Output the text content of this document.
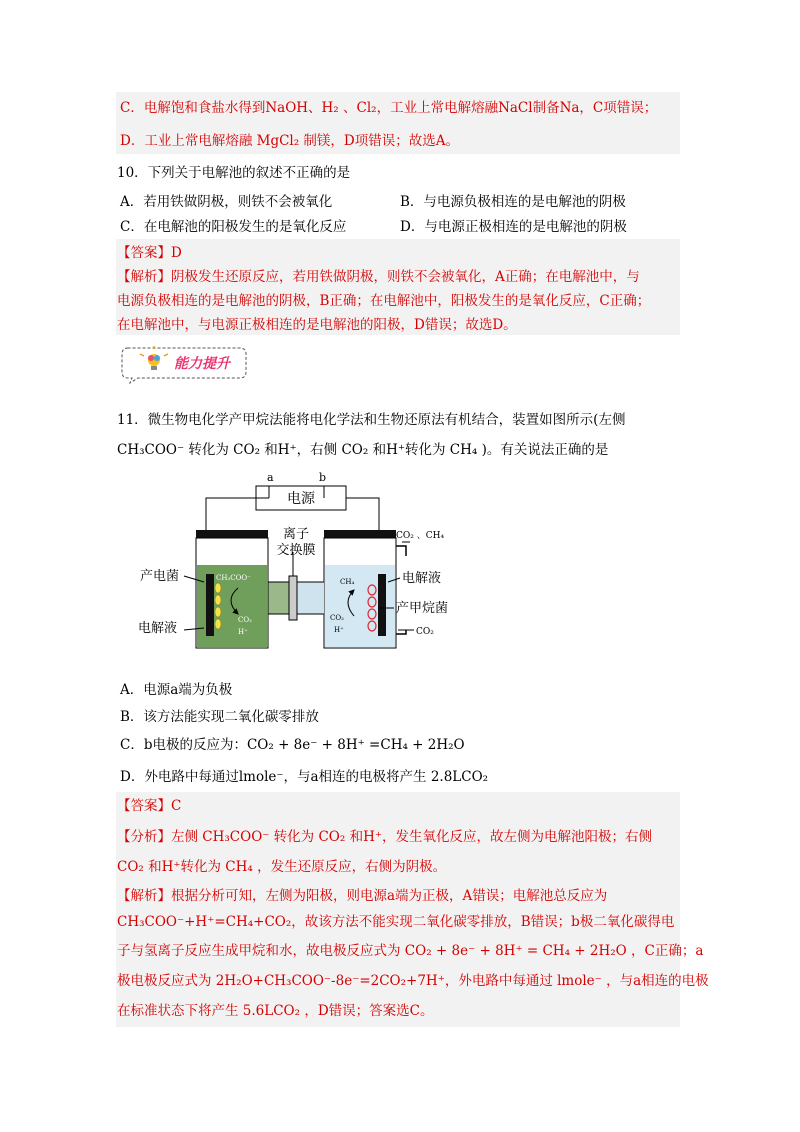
C．电解饱和食盐水得到NaOH、H₂ 、Cl₂，工业上常电解熔融NaCl制备Na，C项错误；
D．工业上常电解熔融 MgCl₂ 制镁，D项错误；故选A。
10．下列关于电解池的叙述不正确的是
A．若用铁做阴极，则铁不会被氧化	B．与电源负极相连的是电解池的阴极
C．在电解池的阳极发生的是氧化反应	D．与电源正极相连的是电解池的阴极
【答案】D
【解析】阴极发生还原反应，若用铁做阴极，则铁不会被氧化，A正确；在电解池中，与
电源负极相连的是电解池的阴极，B正确；在电解池中，阳极发生的是氧化反应，C正确；
在电解池中，与电源正极相连的是电解池的阳极，D错误；故选D。
能力提升
11．微生物电化学产甲烷法能将电化学法和生物还原法有机结合，装置如图所示(左侧
CH₃COO⁻ 转化为 CO₂ 和H⁺，右侧 CO₂ 和H⁺转化为 CH₄ )。有关说法正确的是
电源
a	b
离子
交换膜
CH₃COO⁻
CO₂
H⁺
CH₄
CO₂
H⁺
产电菌
电解液
电解液
产甲烷菌
CO₂ 、CH₄
CO₂
A．电源a端为负极
B．该方法能实现二氧化碳零排放
C．b电极的反应为：CO₂ + 8e⁻ + 8H⁺ =CH₄ + 2H₂O
D．外电路中每通过lmole⁻，与a相连的电极将产生 2.8LCO₂
【答案】C
【分析】左侧 CH₃COO⁻ 转化为 CO₂ 和H⁺，发生氧化反应，故左侧为电解池阳极；右侧
CO₂ 和H⁺转化为 CH₄ ，发生还原反应，右侧为阴极。
【解析】根据分析可知，左侧为阳极，则电源a端为正极，A错误；电解池总反应为
CH₃COO⁻+H⁺=CH₄+CO₂，故该方法不能实现二氧化碳零排放，B错误；b极二氧化碳得电
子与氢离子反应生成甲烷和水，故电极反应式为 CO₂ + 8e⁻ + 8H⁺ = CH₄ + 2H₂O ，C正确；a
极电极反应式为 2H₂O+CH₃COO⁻-8e⁻=2CO₂+7H⁺，外电路中每通过 lmole⁻ ，与a相连的电极
在标准状态下将产生 5.6LCO₂ ，D错误；答案选C。
